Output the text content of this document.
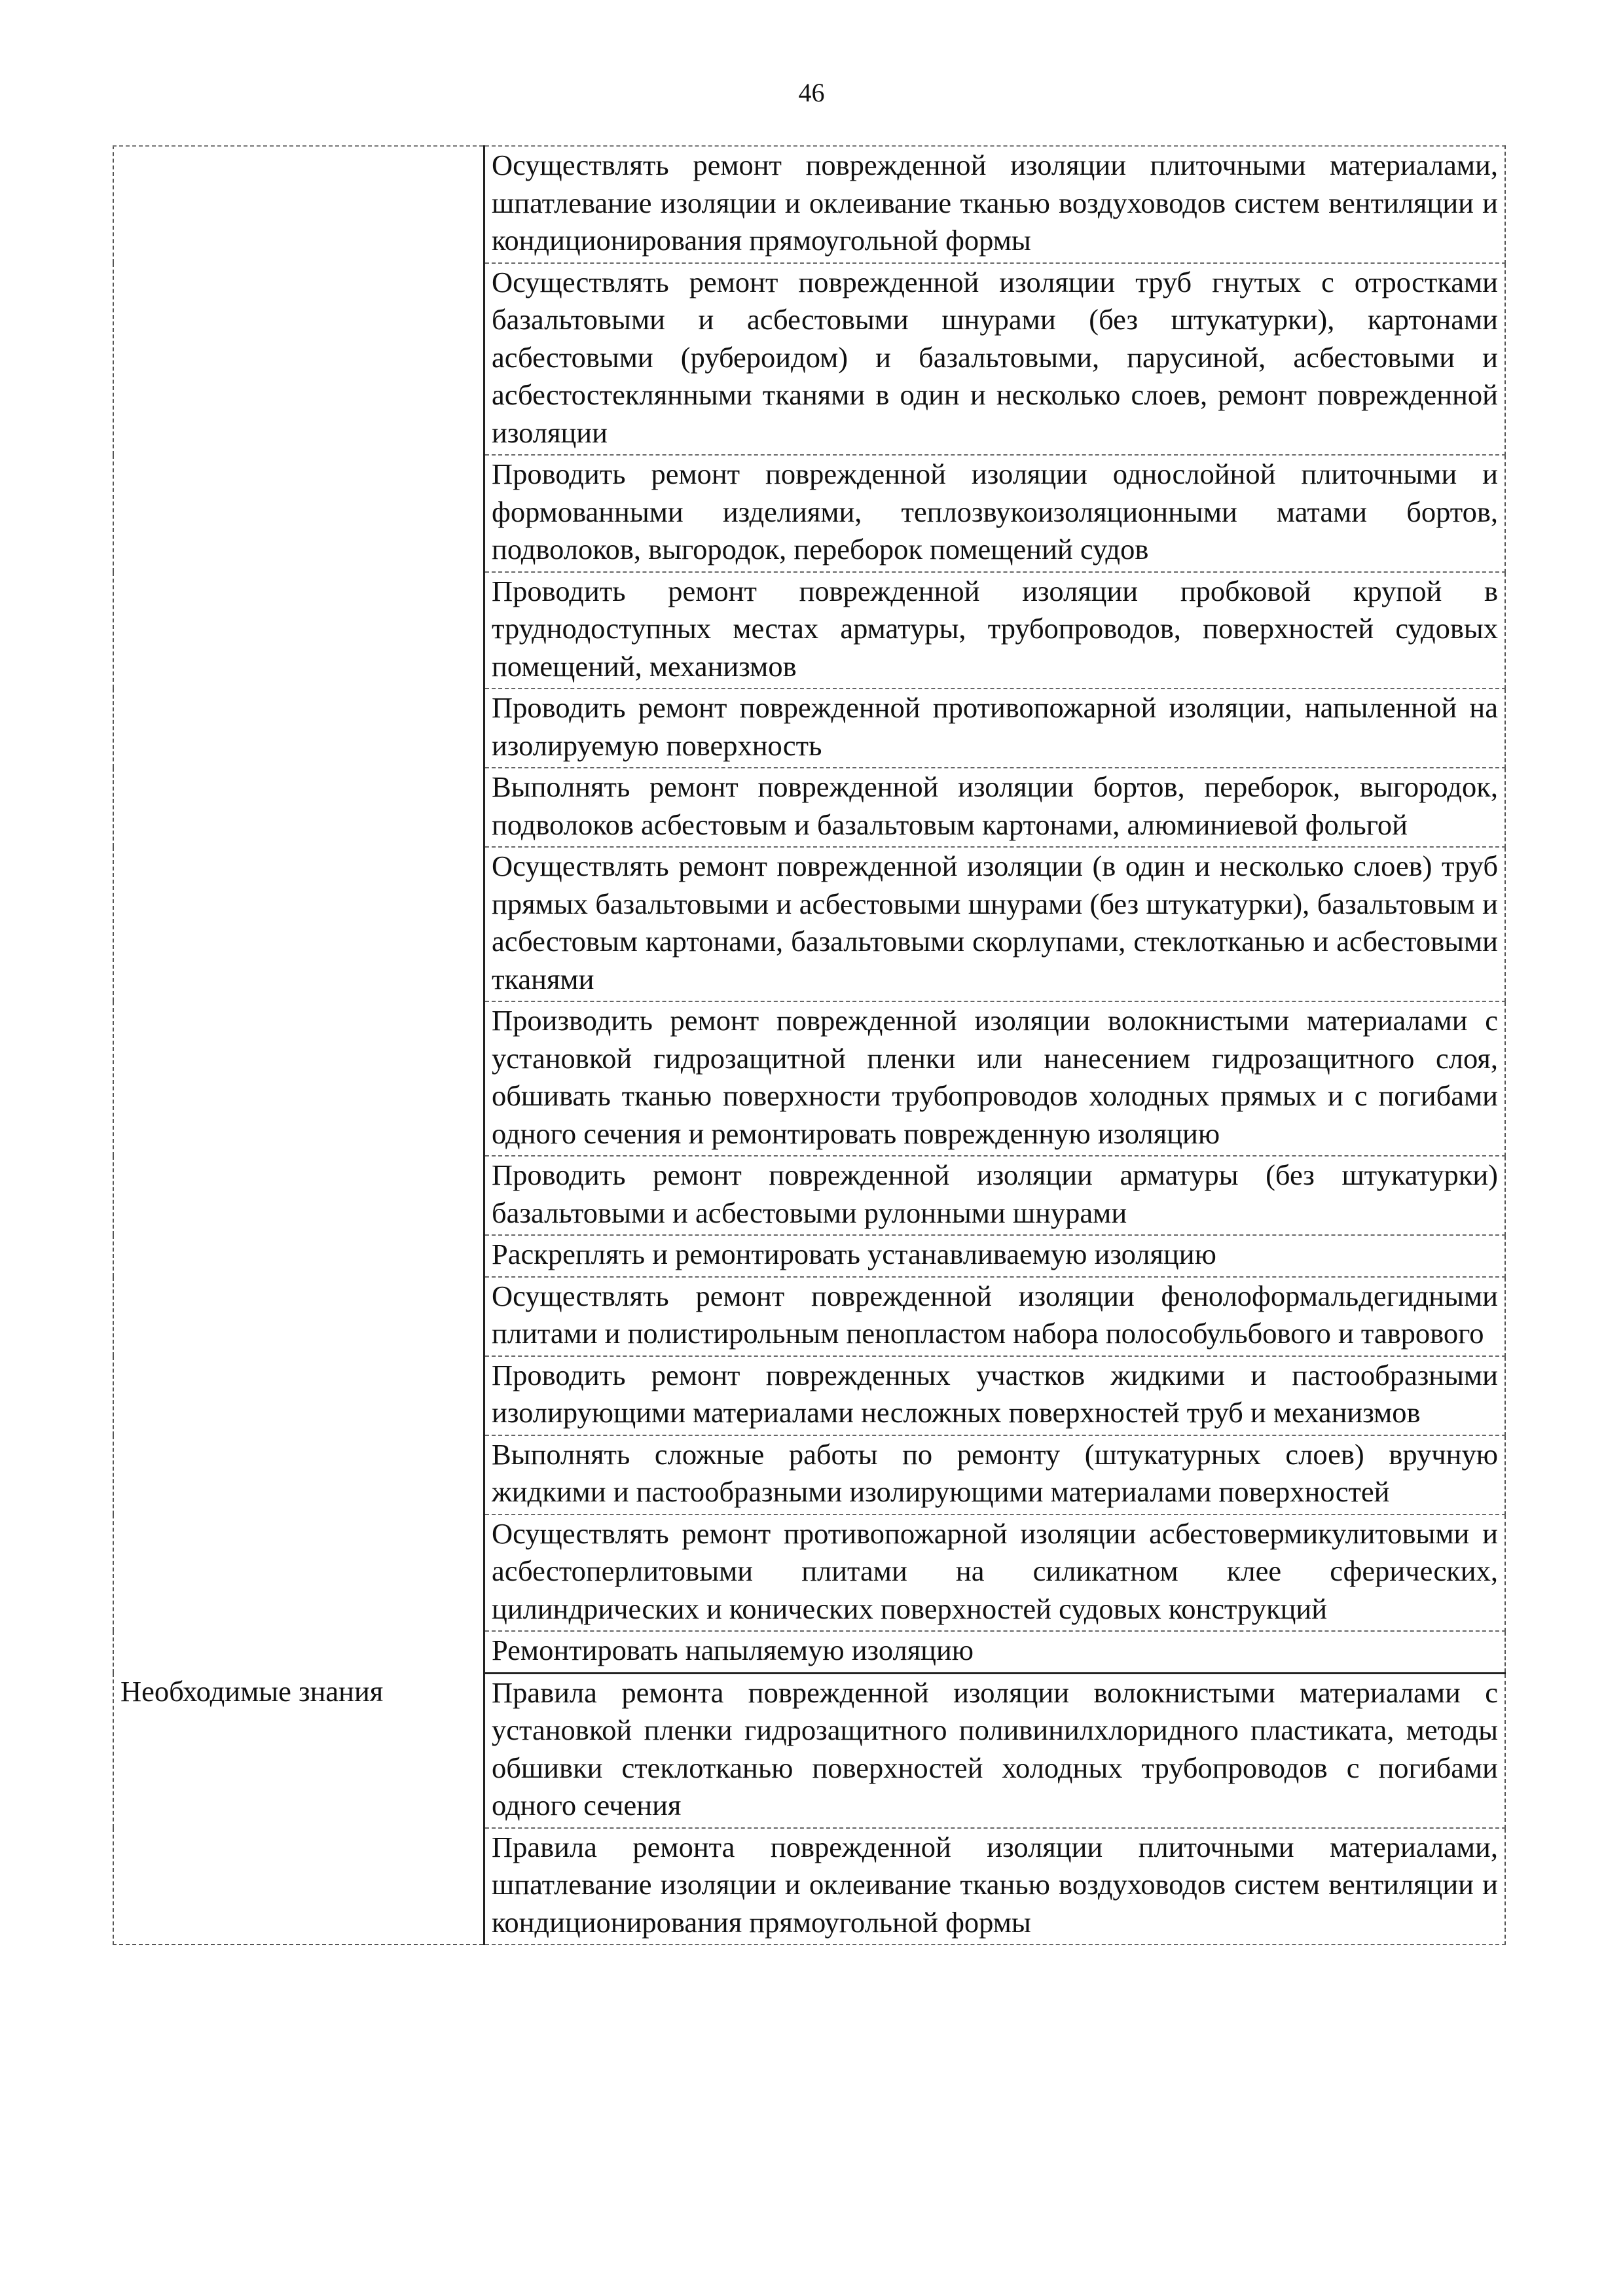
46
	Осуществлять ремонт поврежденной изоляции плиточными материалами, шпатлевание изоляции и оклеивание тканью воздуховодов систем вентиляции и кондиционирования прямоугольной формы
	Осуществлять ремонт поврежденной изоляции труб гнутых с отростками базальтовыми и асбестовыми шнурами (без штукатурки), картонами асбестовыми (рубероидом) и базальтовыми, парусиной, асбестовыми и асбестостеклянными тканями в один и несколько слоев, ремонт поврежденной изоляции
	Проводить ремонт поврежденной изоляции однослойной плиточными и формованными изделиями, теплозвукоизоляционными матами бортов, подволоков, выгородок, переборок помещений судов
	Проводить ремонт поврежденной изоляции пробковой крупой в труднодоступных местах арматуры, трубопроводов, поверхностей судовых помещений, механизмов
	Проводить ремонт поврежденной противопожарной изоляции, напыленной на изолируемую поверхность
	Выполнять ремонт поврежденной изоляции бортов, переборок, выгородок, подволоков асбестовым и базальтовым картонами, алюминиевой фольгой
	Осуществлять ремонт поврежденной изоляции (в один и несколько слоев) труб прямых базальтовыми и асбестовыми шнурами (без штукатурки), базальтовым и асбестовым картонами, базальтовыми скорлупами, стеклотканью и асбестовыми тканями
	Производить ремонт поврежденной изоляции волокнистыми материалами с установкой гидрозащитной пленки или нанесением гидрозащитного слоя, обшивать тканью поверхности трубопроводов холодных прямых и с погибами одного сечения и ремонтировать поврежденную изоляцию
	Проводить ремонт поврежденной изоляции арматуры (без штукатурки) базальтовыми и асбестовыми рулонными шнурами
	Раскреплять и ремонтировать устанавливаемую изоляцию
	Осуществлять ремонт поврежденной изоляции фенолоформальдегидными плитами и полистирольным пенопластом набора полособульбового и таврового
	Проводить ремонт поврежденных участков жидкими и пастообразными изолирующими материалами несложных поверхностей труб и механизмов
	Выполнять сложные работы по ремонту (штукатурных слоев) вручную жидкими и пастообразными изолирующими материалами поверхностей
	Осуществлять ремонт противопожарной изоляции асбестовермикулитовыми и асбестоперлитовыми плитами на силикатном клее сферических, цилиндрических и конических поверхностей судовых конструкций
	Ремонтировать напыляемую изоляцию

Необходимые знания	Правила ремонта поврежденной изоляции волокнистыми материалами с установкой пленки гидрозащитного поливинилхлоридного пластиката, методы обшивки стеклотканью поверхностей холодных трубопроводов с погибами одного сечения
	Правила ремонта поврежденной изоляции плиточными материалами, шпатлевание изоляции и оклеивание тканью воздуховодов систем вентиляции и кондиционирования прямоугольной формы
